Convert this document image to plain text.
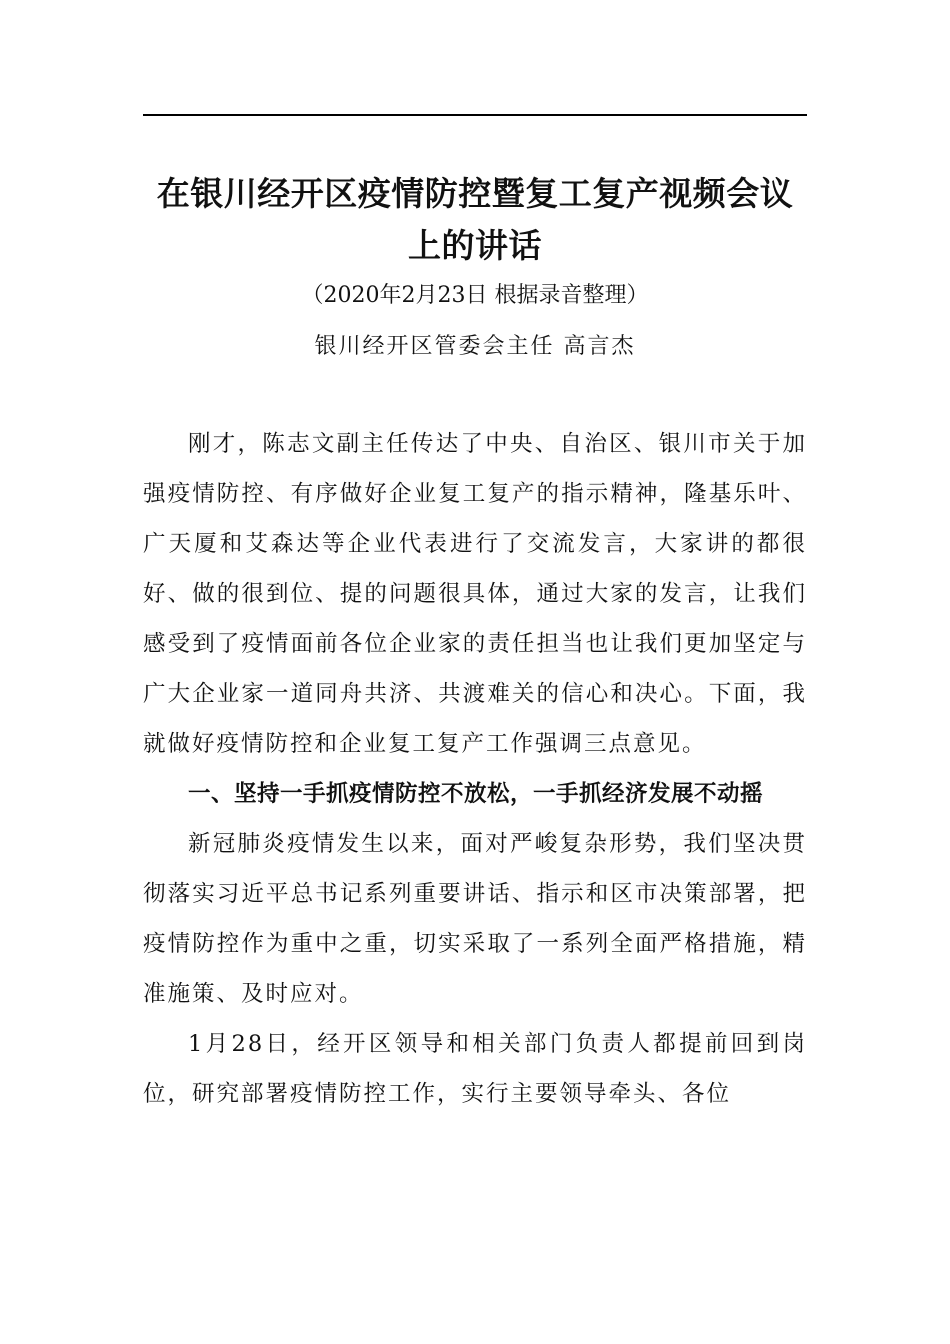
在银川经开区疫情防控暨复工复产视频会议上的讲话
（2020年2月23日 根据录音整理）
银川经开区管委会主任 高言杰

刚才，陈志文副主任传达了中央、自治区、银川市关于加强疫情防控、有序做好企业复工复产的指示精神，隆基乐叶、广天厦和艾森达等企业代表进行了交流发言，大家讲的都很好、做的很到位、提的问题很具体，通过大家的发言，让我们感受到了疫情面前各位企业家的责任担当也让我们更加坚定与广大企业家一道同舟共济、共渡难关的信心和决心。下面，我就做好疫情防控和企业复工复产工作强调三点意见。

一、坚持一手抓疫情防控不放松，一手抓经济发展不动摇

新冠肺炎疫情发生以来，面对严峻复杂形势，我们坚决贯彻落实习近平总书记系列重要讲话、指示和区市决策部署，把疫情防控作为重中之重，切实采取了一系列全面严格措施，精准施策、及时应对。

1月28日，经开区领导和相关部门负责人都提前回到岗位，研究部署疫情防控工作，实行主要领导牵头、各位
